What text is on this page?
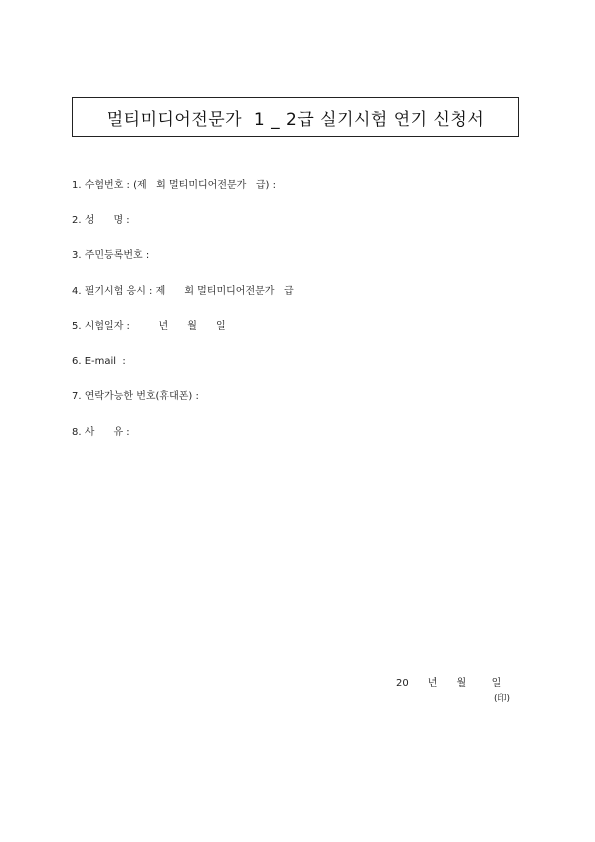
멀티미디어전문가  1 _ 2급 실기시험 연기 신청서
1. 수험번호 : (제   회 멀티미디어전문가   급) :
2. 성      명 :
3. 주민등록번호 :
4. 필기시험 응시 : 제      회 멀티미디어전문가   급
5. 시험일자 :         년      월      일
6. E-mail  :
7. 연락가능한 번호(휴대폰) :
8. 사      유 :
20      년      월        일
(印)
